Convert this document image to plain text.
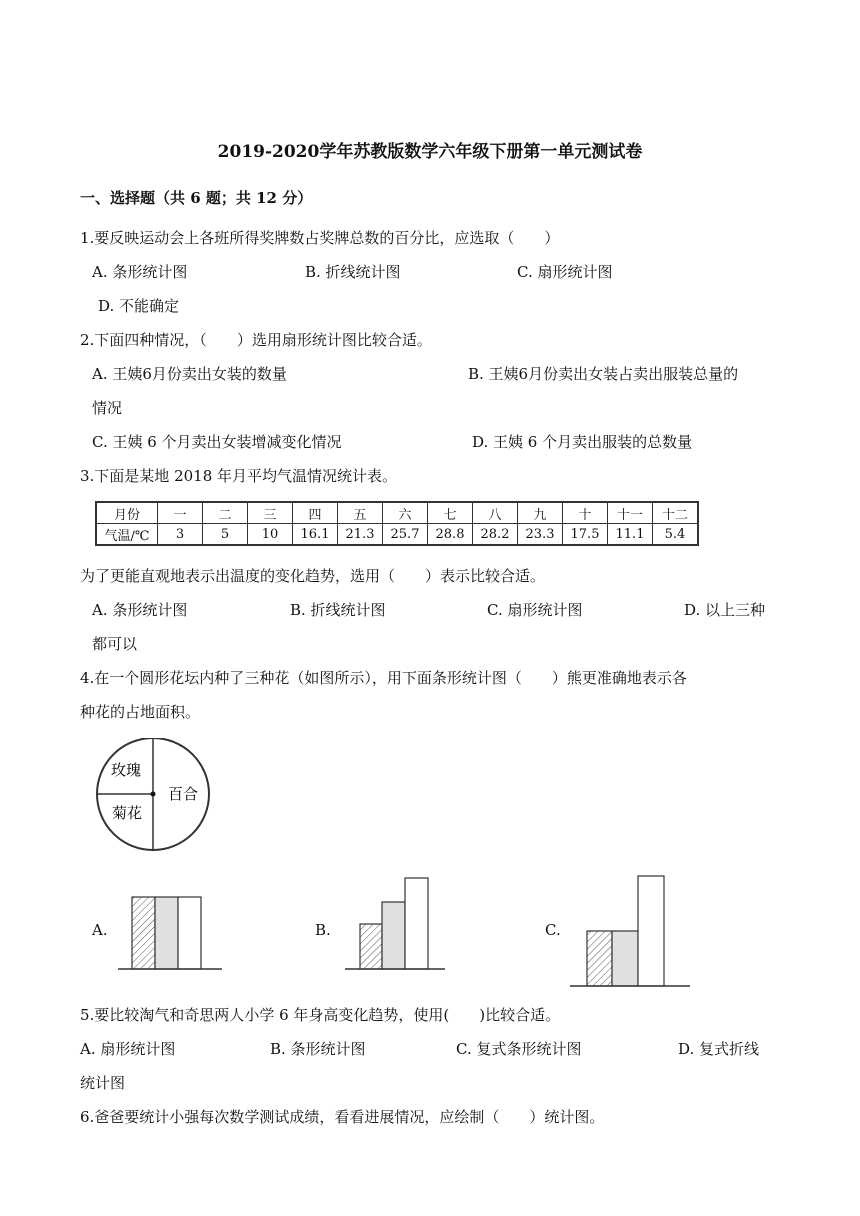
2019-2020学年苏教版数学六年级下册第一单元测试卷
一、选择题（共 6 题；共 12 分）
1.要反映运动会上各班所得奖牌数占奖牌总数的百分比，应选取（　　）
A. 条形统计图	B. 折线统计图	C. 扇形统计图
D. 不能确定
2.下面四种情况，（　　）选用扇形统计图比较合适。
A. 王姨6月份卖出女装的数量	B. 王姨6月份卖出女装占卖出服装总量的
情况
C. 王姨 6 个月卖出女装增减变化情况	D. 王姨 6 个月卖出服装的总数量
3.下面是某地 2018 年月平均气温情况统计表。
月份	一	二	三	四	五	六	七	八	九	十	十一	十二
气温/℃	3	5	10	16.1	21.3	25.7	28.8	28.2	23.3	17.5	11.1	5.4
为了更能直观地表示出温度的变化趋势，选用（　　）表示比较合适。
A. 条形统计图	B. 折线统计图	C. 扇形统计图	D. 以上三种
都可以
4.在一个圆形花坛内种了三种花（如图所示），用下面条形统计图（　　）熊更准确地表示各
种花的占地面积。
玫瑰
菊花
百合
A.	B.	C.
5.要比较淘气和奇思两人小学 6 年身高变化趋势，使用(　　)比较合适。
A. 扇形统计图	B. 条形统计图	C. 复式条形统计图	D. 复式折线
统计图
6.爸爸要统计小强每次数学测试成绩，看看进展情况，应绘制（　　）统计图。
